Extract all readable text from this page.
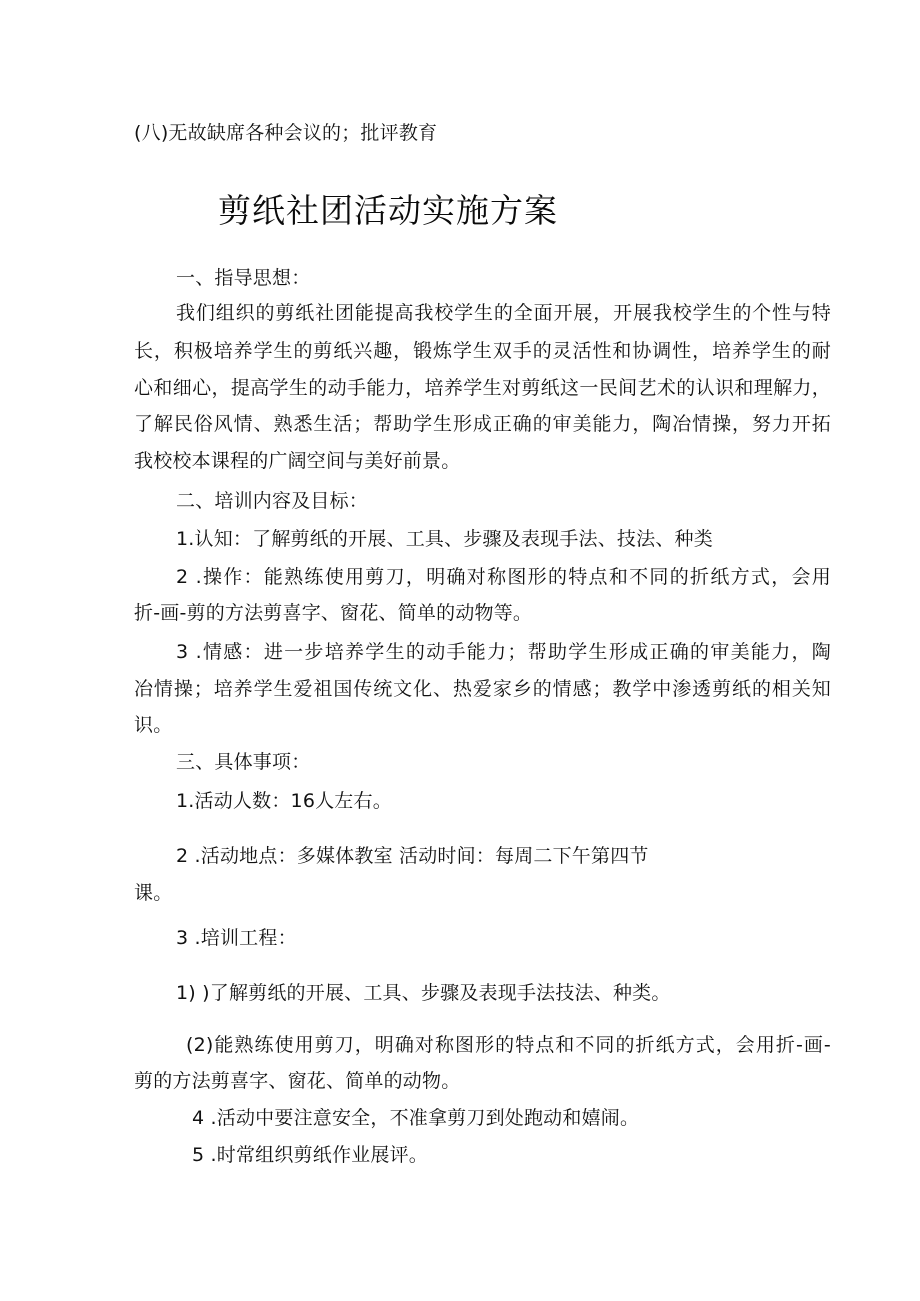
(八)无故缺席各种会议的；批评教育
剪纸社团活动实施方案
一、指导思想：
我们组织的剪纸社团能提高我校学生的全面开展，开展我校学生的个性与特
长，积极培养学生的剪纸兴趣，锻炼学生双手的灵活性和协调性，培养学生的耐
心和细心，提高学生的动手能力，培养学生对剪纸这一民间艺术的认识和理解力，
了解民俗风情、熟悉生活；帮助学生形成正确的审美能力，陶冶情操，努力开拓
我校校本课程的广阔空间与美好前景。
二、培训内容及目标：
1.认知：了解剪纸的开展、工具、步骤及表现手法、技法、种类
2 .操作：能熟练使用剪刀，明确对称图形的特点和不同的折纸方式，会用
折-画-剪的方法剪喜字、窗花、简单的动物等。
3 .情感：进一步培养学生的动手能力；帮助学生形成正确的审美能力，陶
冶情操；培养学生爱祖国传统文化、热爱家乡的情感；教学中渗透剪纸的相关知
识。
三、具体事项：
1.活动人数：16人左右。
2 .活动地点：多媒体教室 活动时间：每周二下午第四节
课。
3 .培训工程：
1) )了解剪纸的开展、工具、步骤及表现手法技法、种类。
(2)能熟练使用剪刀，明确对称图形的特点和不同的折纸方式，会用折-画-
剪的方法剪喜字、窗花、简单的动物。
4 .活动中要注意安全，不准拿剪刀到处跑动和嬉闹。
5 .时常组织剪纸作业展评。
